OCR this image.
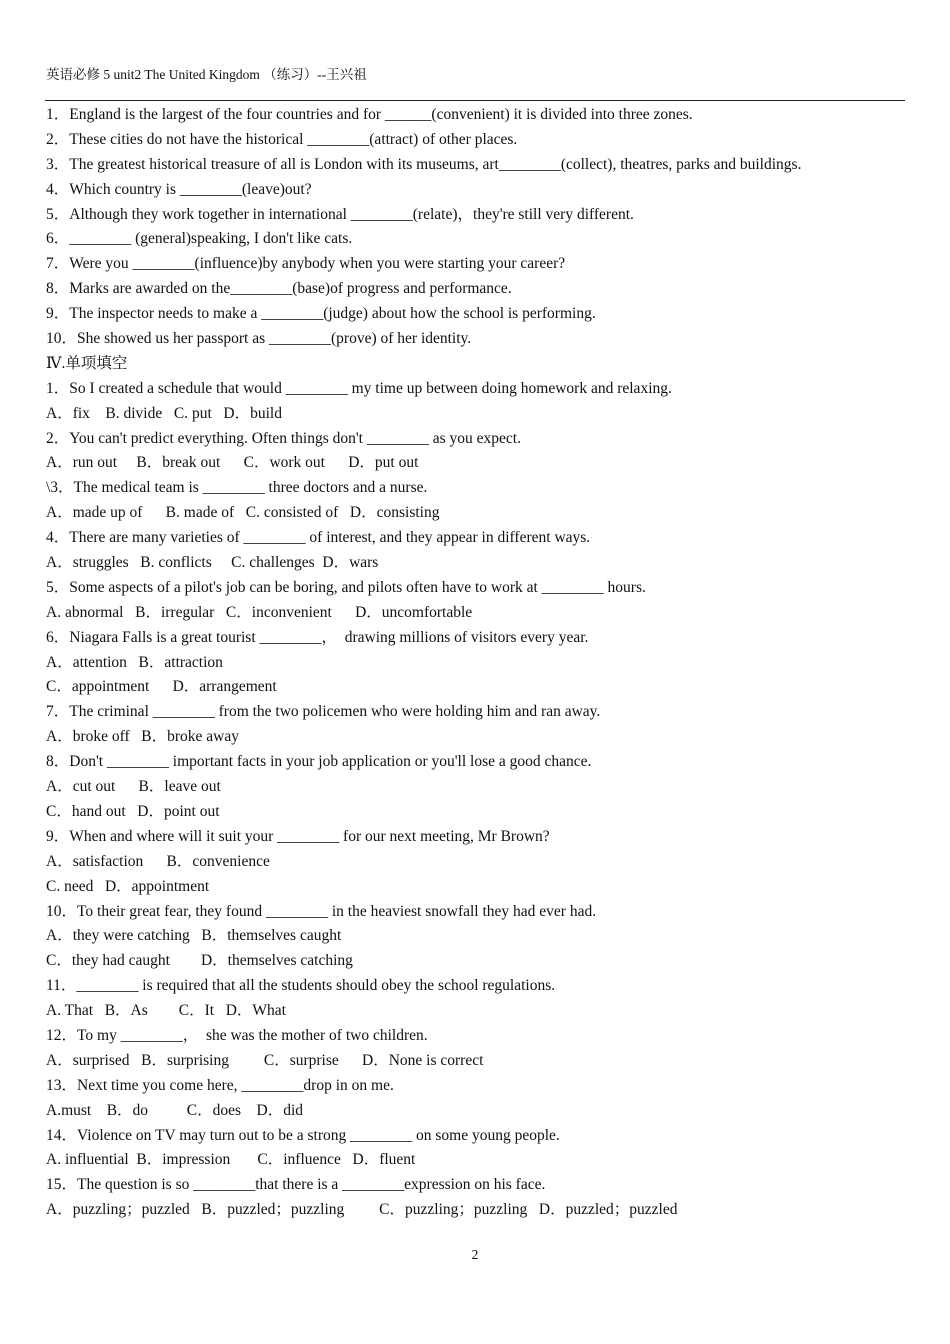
英语必修 5 unit2 The United Kingdom （练习）--王兴祖
1．England is the largest of the four countries and for ______(convenient) it is divided into three zones.
2．These cities do not have the historical ________(attract) of other places.
3．The greatest historical treasure of all is London with its museums, art________(collect), theatres, parks and buildings.
4．Which country is ________(leave)out?
5．Although they work together in international ________(relate)，they're still very different.
6．________ (general)speaking, I don't like cats.
7．Were you ________(influence)by anybody when you were starting your career?
8．Marks are awarded on the________(base)of progress and performance.
9．The inspector needs to make a ________(judge) about how the school is performing.
10．She showed us her passport as ________(prove) of her identity.
Ⅳ.单项填空
1．So I created a schedule that would ________ my time up between doing homework and relaxing.
A．fix    B. divide   C. put   D．build
2．You can't predict everything. Often things don't ________ as you expect.
A．run out     B．break out      C．work out      D．put out
\3．The medical team is ________ three doctors and a nurse.
A．made up of      B. made of   C. consisted of   D．consisting
4．There are many varieties of ________ of interest, and they appear in different ways.
A．struggles   B. conflicts     C. challenges  D．wars
5．Some aspects of a pilot's job can be boring, and pilots often have to work at ________ hours.
A. abnormal   B．irregular   C．inconvenient      D．uncomfortable
6．Niagara Falls is a great tourist ________，  drawing millions of visitors every year.
A．attention   B．attraction
C．appointment      D．arrangement
7．The criminal ________ from the two policemen who were holding him and ran away.
A．broke off   B．broke away
8．Don't ________ important facts in your job application or you'll lose a good chance.
A．cut out      B．leave out
C．hand out   D．point out
9．When and where will it suit your ________ for our next meeting, Mr Brown?
A．satisfaction      B．convenience
C. need   D．appointment
10．To their great fear, they found ________ in the heaviest snowfall they had ever had.
A．they were catching   B．themselves caught
C．they had caught        D．themselves catching
11．________ is required that all the students should obey the school regulations.
A. That   B．As        C．It   D．What
12．To my ________，  she was the mother of two children.
A．surprised   B．surprising         C．surprise      D．None is correct
13．Next time you come here, ________drop in on me.
A.must    B．do          C．does    D．did
14．Violence on TV may turn out to be a strong ________ on some young people.
A. influential  B．impression       C．influence   D．fluent
15．The question is so ________that there is a ________expression on his face.
A．puzzling；puzzled   B．puzzled；puzzling         C．puzzling；puzzling   D．puzzled；puzzled
2
